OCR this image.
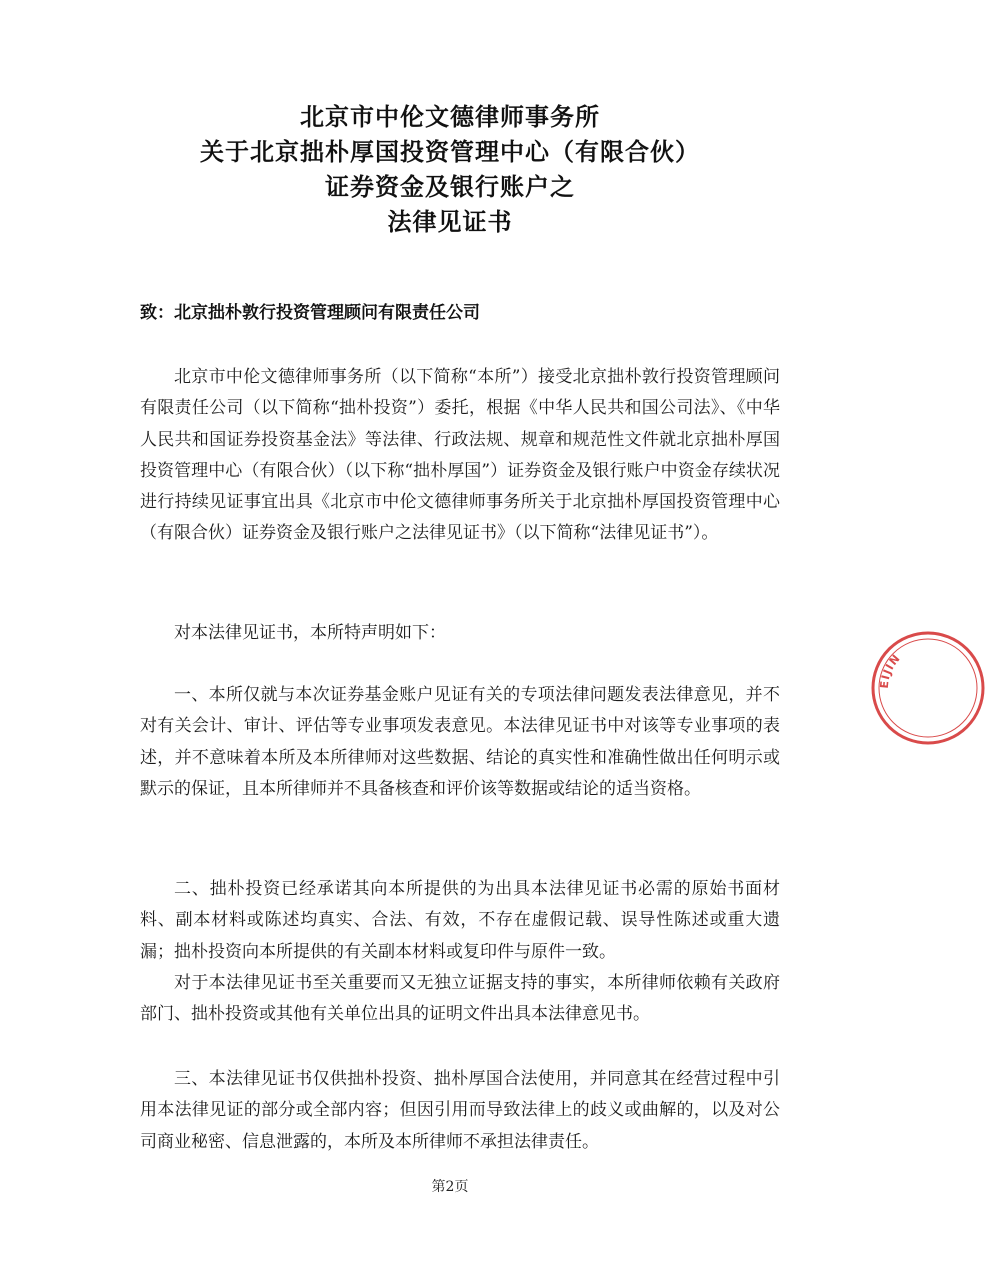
北京市中伦文德律师事务所
关于北京拙朴厚国投资管理中心（有限合伙）
证券资金及银行账户之
法律见证书
致：北京拙朴敦行投资管理顾问有限责任公司

北京市中伦文德律师事务所（以下简称“本所”）接受北京拙朴敦行投资管理顾问有限责任公司（以下简称“拙朴投资”）委托，根据《中华人民共和国公司法》、《中华人民共和国证券投资基金法》等法律、行政法规、规章和规范性文件就北京拙朴厚国投资管理中心（有限合伙）（以下称“拙朴厚国”）证券资金及银行账户中资金存续状况进行持续见证事宜出具《北京市中伦文德律师事务所关于北京拙朴厚国投资管理中心（有限合伙）证券资金及银行账户之法律见证书》（以下简称“法律见证书”）。

对本法律见证书，本所特声明如下：

一、本所仅就与本次证券基金账户见证有关的专项法律问题发表法律意见，并不对有关会计、审计、评估等专业事项发表意见。本法律见证书中对该等专业事项的表述，并不意味着本所及本所律师对这些数据、结论的真实性和准确性做出任何明示或默示的保证，且本所律师并不具备核查和评价该等数据或结论的适当资格。

二、拙朴投资已经承诺其向本所提供的为出具本法律见证书必需的原始书面材料、副本材料或陈述均真实、合法、有效，不存在虚假记载、误导性陈述或重大遗漏；拙朴投资向本所提供的有关副本材料或复印件与原件一致。

对于本法律见证书至关重要而又无独立证据支持的事实，本所律师依赖有关政府部门、拙朴投资或其他有关单位出具的证明文件出具本法律意见书。

三、本法律见证书仅供拙朴投资、拙朴厚国合法使用，并同意其在经营过程中引用本法律见证的部分或全部内容；但因引用而导致法律上的歧义或曲解的，以及对公司商业秘密、信息泄露的，本所及本所律师不承担法律责任。

第2页
EIJIN
